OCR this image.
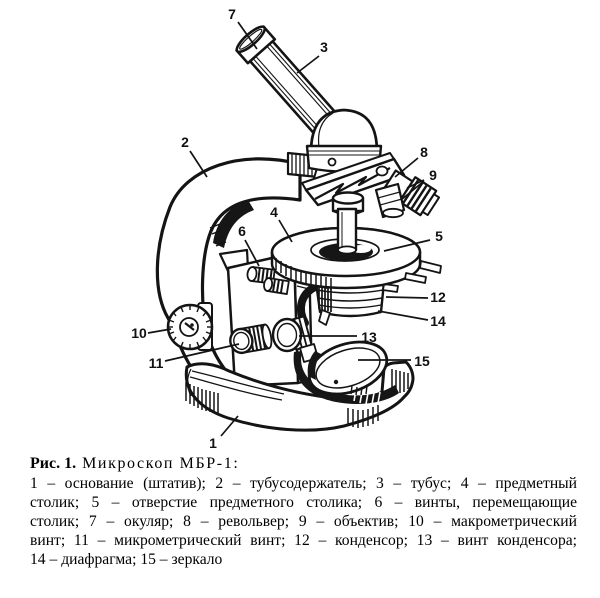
1
2
3
4
5
6
7
8
9
10
11
12
13
14
15
Рис. 1. Микроскоп МБР-1:
1 – основание (штатив); 2 – тубусодержатель; 3 – тубус; 4 – предметный
столик; 5 – отверстие предметного столика; 6 – винты, перемещающие
столик; 7 – окуляр; 8 – револьвер; 9 – объектив; 10 – макрометрический
винт; 11 – микрометрический винт; 12 – конденсор; 13 – винт конденсора;
14 – диафрагма; 15 – зеркало
